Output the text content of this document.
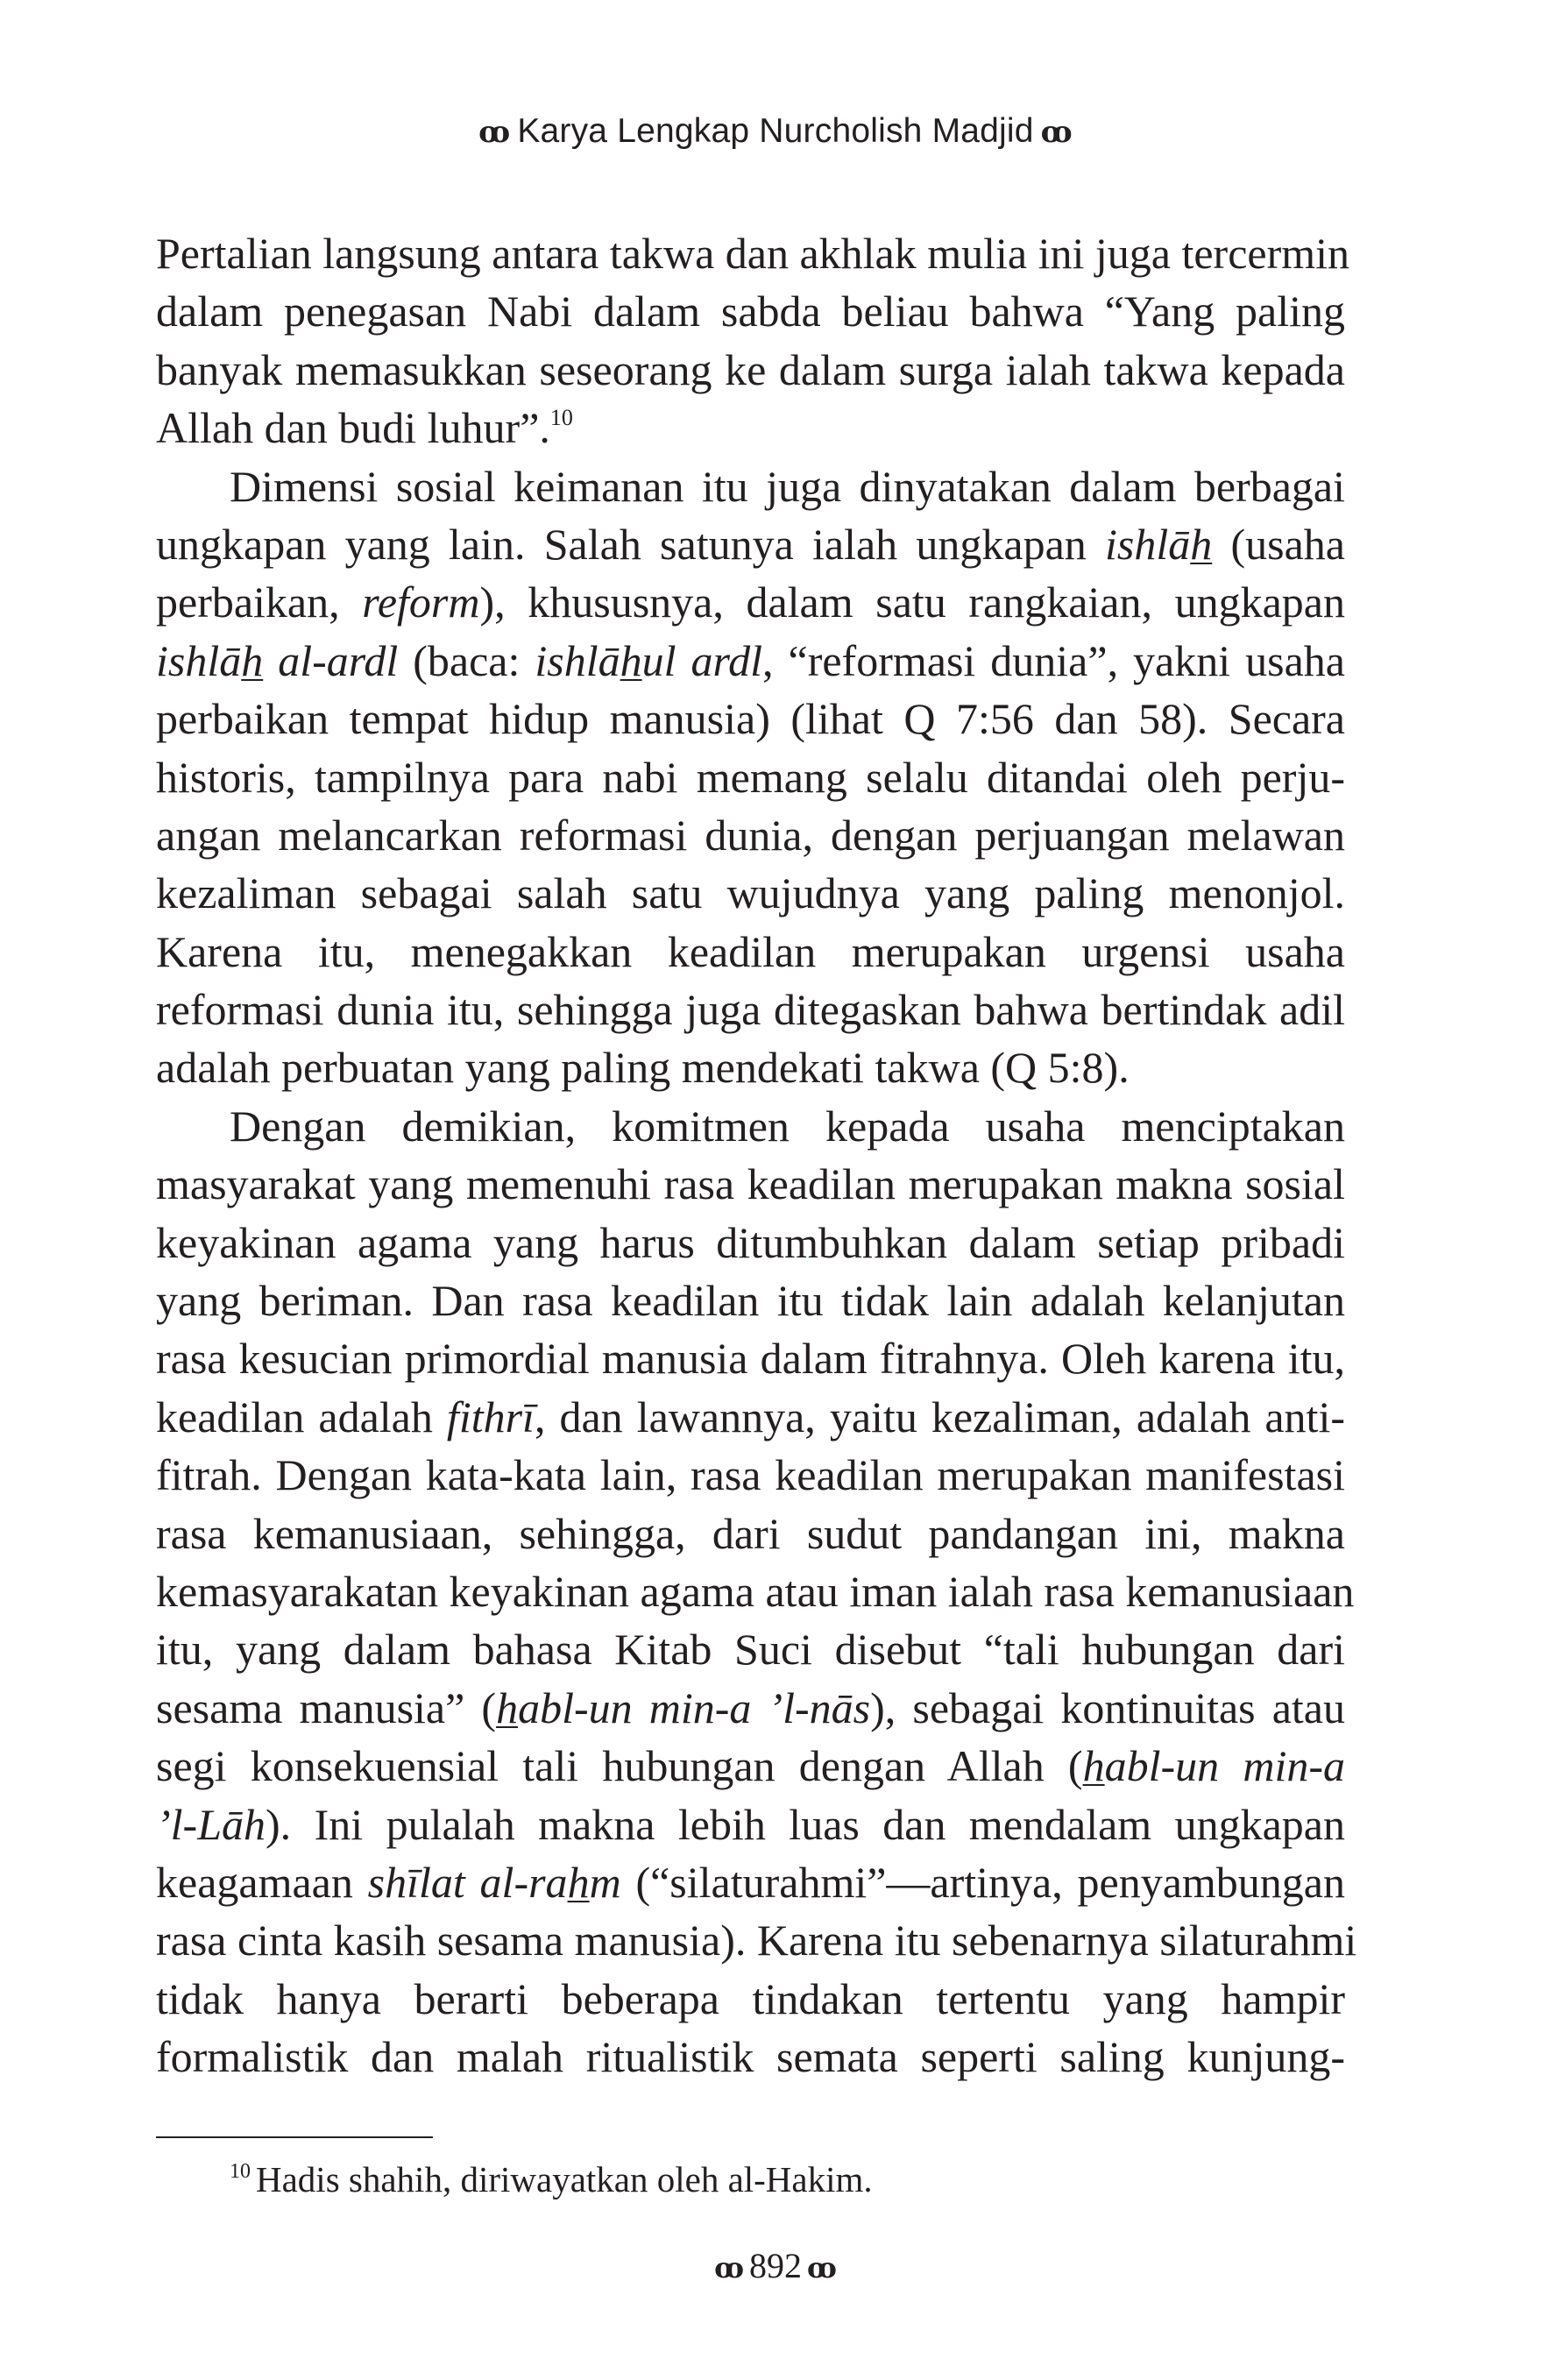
ꝏ Karya Lengkap Nurcholish Madjid ꝏ
Pertalian langsung antara takwa dan akhlak mulia ini juga tercermin
dalam penegasan Nabi dalam sabda beliau bahwa “Yang paling
banyak memasukkan seseorang ke dalam surga ialah takwa kepada
Allah dan budi luhur”.$^{10}$
Dimensi sosial keimanan itu juga dinyatakan dalam berbagai
ungkapan yang lain. Salah satunya ialah ungkapan ishlāh (usaha
perbaikan, reform), khususnya, dalam satu rangkaian, ungkapan
ishlāh al-ardl (baca: ishlāhul ardl, “reformasi dunia”, yakni usaha
perbaikan tempat hidup manusia) (lihat Q 7:56 dan 58). Secara
historis, tampilnya para nabi memang selalu ditandai oleh perju-
angan melancarkan reformasi dunia, dengan perjuangan melawan
kezaliman sebagai salah satu wujudnya yang paling menonjol.
Karena itu, menegakkan keadilan merupakan urgensi usaha
reformasi dunia itu, sehingga juga ditegaskan bahwa bertindak adil
adalah perbuatan yang paling mendekati takwa (Q 5:8).
Dengan demikian, komitmen kepada usaha menciptakan
masyarakat yang memenuhi rasa keadilan merupakan makna sosial
keyakinan agama yang harus ditumbuhkan dalam setiap pribadi
yang beriman. Dan rasa keadilan itu tidak lain adalah kelanjutan
rasa kesucian primordial manusia dalam fitrahnya. Oleh karena itu,
keadilan adalah fithrī, dan lawannya, yaitu kezaliman, adalah anti-
fitrah. Dengan kata-kata lain, rasa keadilan merupakan manifestasi
rasa kemanusiaan, sehingga, dari sudut pandangan ini, makna
kemasyarakatan keyakinan agama atau iman ialah rasa kemanusiaan
itu, yang dalam bahasa Kitab Suci disebut “tali hubungan dari
sesama manusia” (habl-un min-a ’l-nās), sebagai kontinuitas atau
segi konsekuensial tali hubungan dengan Allah (habl-un min-a
’l-Lāh). Ini pulalah makna lebih luas dan mendalam ungkapan
keagamaan shīlat al-rahm (“silaturahmi”—artinya, penyambungan
rasa cinta kasih sesama manusia). Karena itu sebenarnya silaturahmi
tidak hanya berarti beberapa tindakan tertentu yang hampir
formalistik dan malah ritualistik semata seperti saling kunjung-
$^{10}$ Hadis shahih, diriwayatkan oleh al-Hakim.
ꝏ 892 ꝏ
